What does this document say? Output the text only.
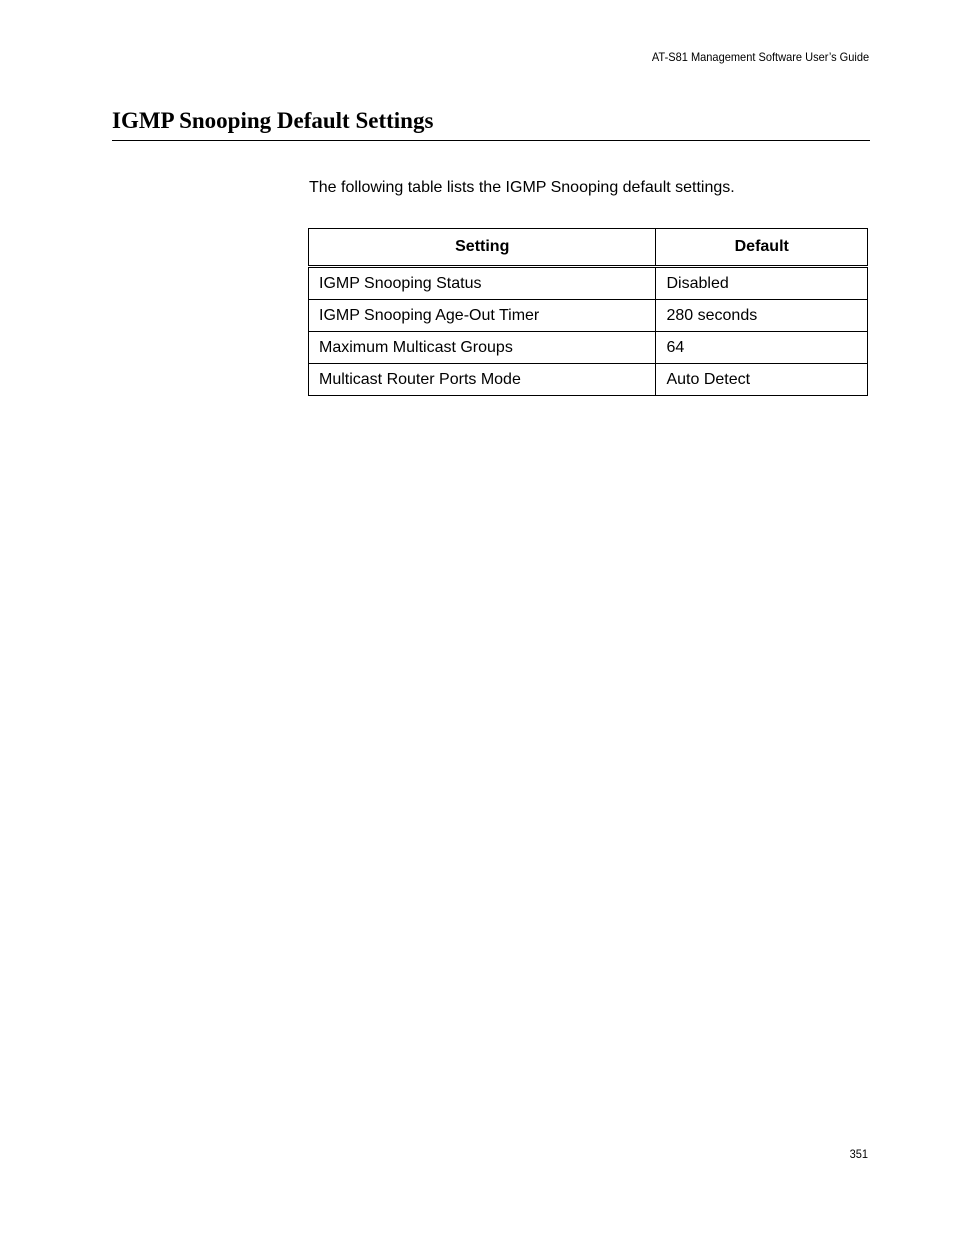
AT-S81 Management Software User’s Guide
IGMP Snooping Default Settings

The following table lists the IGMP Snooping default settings.

Setting	Default
IGMP Snooping Status	Disabled
IGMP Snooping Age-Out Timer	280 seconds
Maximum Multicast Groups	64
Multicast Router Ports Mode	Auto Detect
351
